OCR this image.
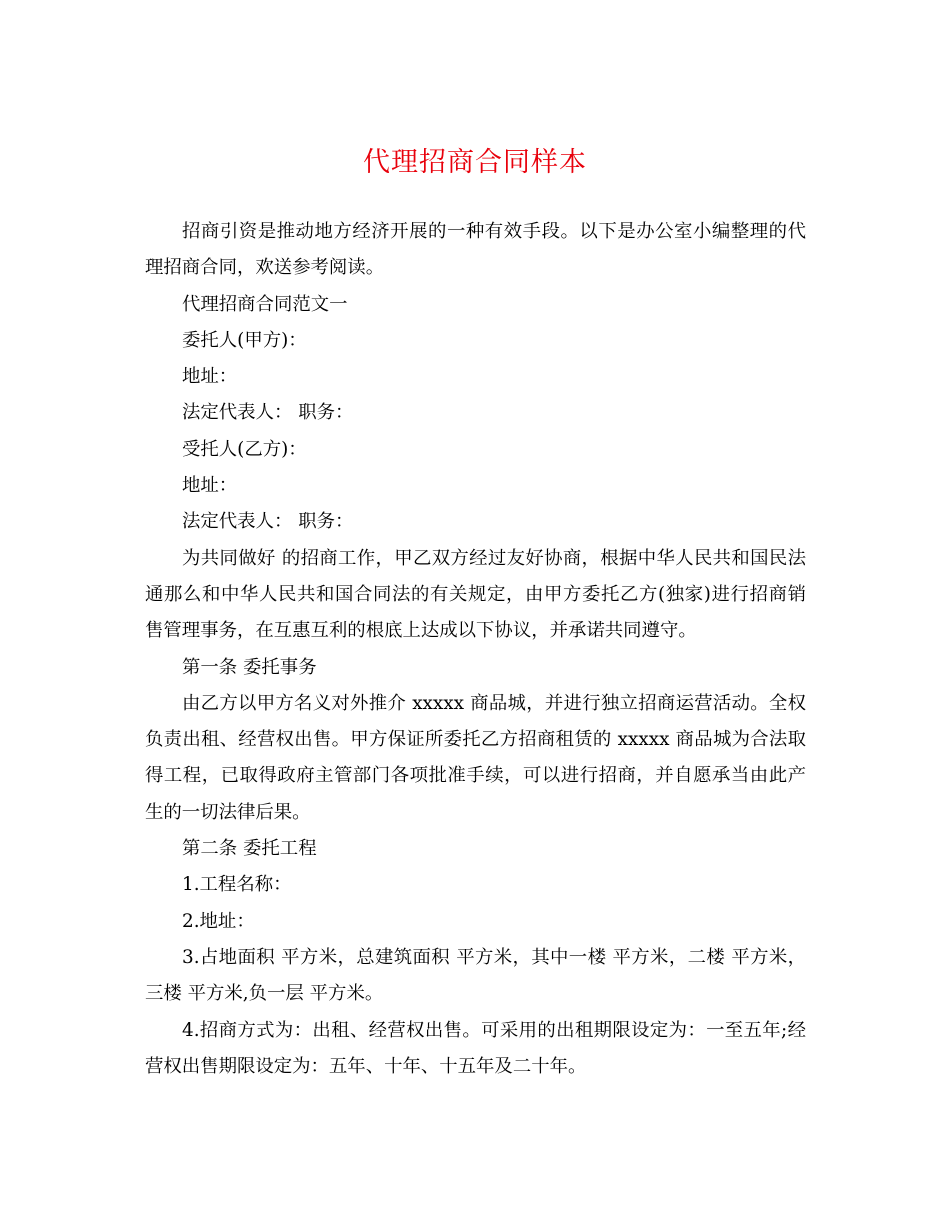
代理招商合同样本
招商引资是推动地方经济开展的一种有效手段。以下是办公室小编整理的代
理招商合同，欢送参考阅读。
代理招商合同范文一
委托人(甲方)：
地址：
法定代表人： 职务：
受托人(乙方)：
地址：
法定代表人： 职务：
为共同做好 的招商工作，甲乙双方经过友好协商，根据中华人民共和国民法
通那么和中华人民共和国合同法的有关规定，由甲方委托乙方(独家)进行招商销
售管理事务，在互惠互利的根底上达成以下协议，并承诺共同遵守。
第一条 委托事务
由乙方以甲方名义对外推介 xxxxx 商品城，并进行独立招商运营活动。全权
负责出租、经营权出售。甲方保证所委托乙方招商租赁的 xxxxx 商品城为合法取
得工程，已取得政府主管部门各项批准手续，可以进行招商，并自愿承当由此产
生的一切法律后果。
第二条 委托工程
1.工程名称：
2.地址：
3.占地面积 平方米，总建筑面积 平方米，其中一楼 平方米，二楼 平方米，
三楼 平方米,负一层 平方米。
4.招商方式为：出租、经营权出售。可采用的出租期限设定为：一至五年;经
营权出售期限设定为：五年、十年、十五年及二十年。
